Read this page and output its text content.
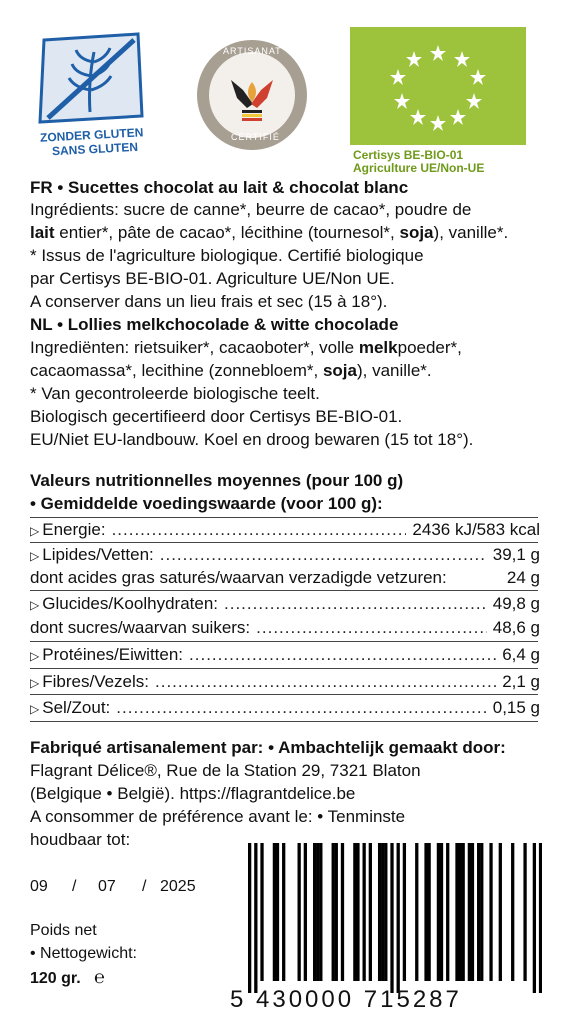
ZONDER GLUTEN
SANS GLUTEN
ARTISANAT
CERTIFIÉ
Certisys BE-BIO-01
Agriculture UE/Non-UE
FR • Sucettes chocolat au lait & chocolat blanc
Ingrédients: sucre de canne*, beurre de cacao*, poudre de
lait entier*, pâte de cacao*, lécithine (tournesol*, soja), vanille*.
* Issus de l'agriculture biologique. Certifié biologique
par Certisys BE-BIO-01. Agriculture UE/Non UE.
A conserver dans un lieu frais et sec (15 à 18°).
NL • Lollies melkchocolade & witte chocolade
Ingrediënten: rietsuiker*, cacaoboter*, volle melkpoeder*,
cacaomassa*, lecithine (zonnebloem*, soja), vanille*.
* Van gecontroleerde biologische teelt.
Biologisch gecertifieerd door Certisys BE-BIO-01.
EU/Niet EU-landbouw. Koel en droog bewaren (15 tot 18°).
Valeurs nutritionnelles moyennes (pour 100 g)
• Gemiddelde voedingswaarde (voor 100 g):
▷ Energie: .....	2436 kJ/583 kcal
▷ Lipides/Vetten: .....	39,1 g
dont acides gras saturés/waarvan verzadigde vetzuren:	24 g
▷ Glucides/Koolhydraten: .....	49,8 g
dont sucres/waarvan suikers: .....	48,6 g
▷ Protéines/Eiwitten: .....	6,4 g
▷ Fibres/Vezels: .....	2,1 g
▷ Sel/Zout: .....	0,15 g
Fabriqué artisanalement par: • Ambachtelijk gemaakt door:
Flagrant Délice®, Rue de la Station 29, 7321 Blaton
(Belgique • België). https://flagrantdelice.be
A consommer de préférence avant le: • Tenminste
houdbaar tot:
09 / 07 / 2025
Poids net
• Nettogewicht:
120 gr. ℮
5 430000 715287
